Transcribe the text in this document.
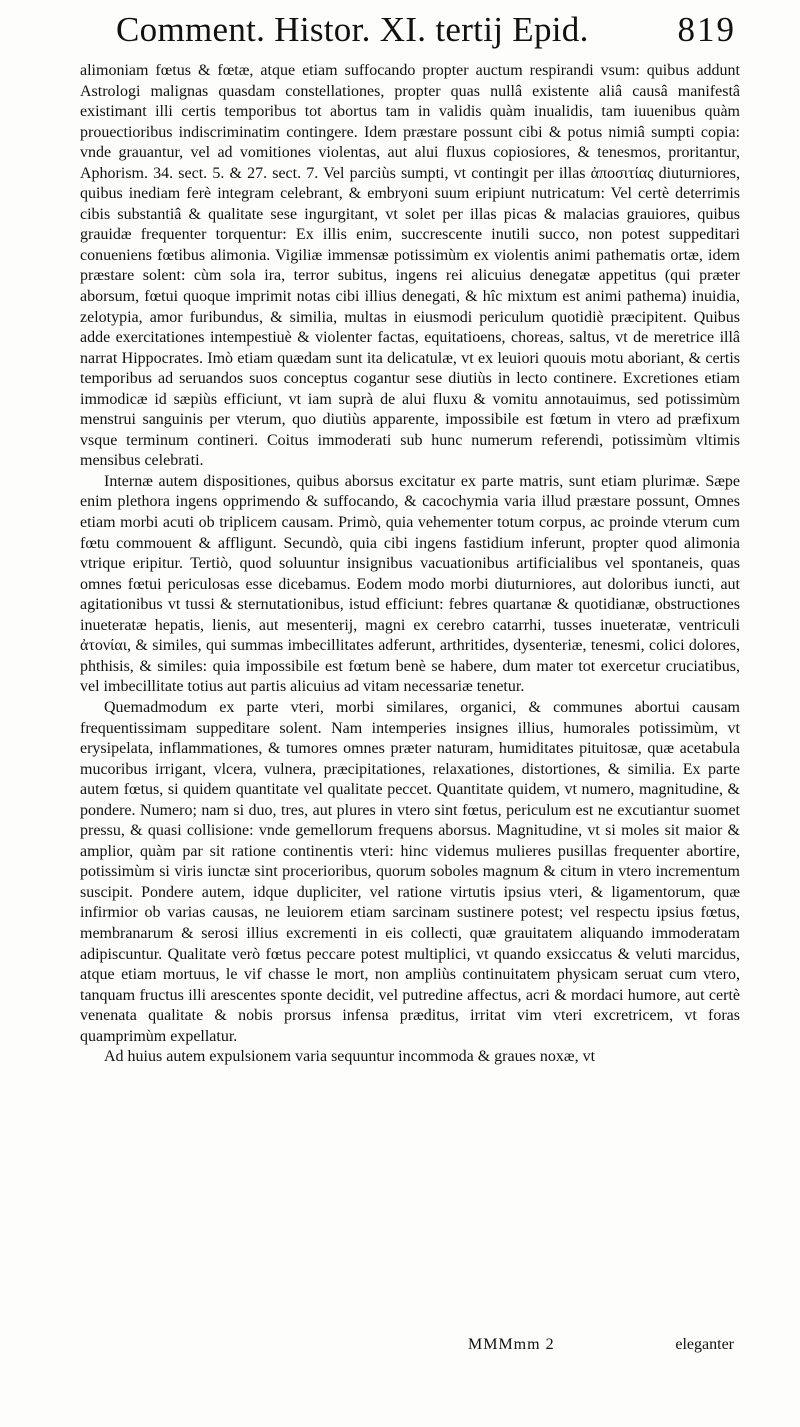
Comment. Histor. XI. tertij Epid.	819

alimoniam fœtus & fœtæ, atque etiam suffocando propter auctum respirandi vsum: quibus addunt Astrologi malignas quasdam constellationes, propter quas nullâ existente aliâ causâ manifestâ existimant illi certis temporibus tot abortus tam in validis quàm inualidis, tam iuuenibus quàm prouectioribus indiscriminatim contingere. Idem præstare possunt cibi & potus nimiâ sumpti copia: vnde grauantur, vel ad vomitiones violentas, aut alui fluxus copiosiores, & tenesmos, proritantur, Aphorism. 34. sect. 5. & 27. sect. 7. Vel parciùs sumpti, vt contingit per illas ἀποσιτίας diuturniores, quibus inediam ferè integram celebrant, & embryoni suum eripiunt nutricatum: Vel certè deterrimis cibis substantiâ & qualitate sese ingurgitant, vt solet per illas picas & malacias grauiores, quibus grauidæ frequenter torquentur: Ex illis enim, succrescente inutili succo, non potest suppeditari conueniens fœtibus alimonia. Vigiliæ immensæ potissimùm ex violentis animi pathematis ortæ, idem præstare solent: cùm sola ira, terror subitus, ingens rei alicuius denegatæ appetitus (qui præter aborsum, fœtui quoque imprimit notas cibi illius denegati, & hîc mixtum est animi pathema) inuidia, zelotypia, amor furibundus, & similia, multas in eiusmodi periculum quotidiè præcipitent. Quibus adde exercitationes intempestiuè & violenter factas, equitatioens, choreas, saltus, vt de meretrice illâ narrat Hippocrates. Imò etiam quædam sunt ita delicatulæ, vt ex leuiori quouis motu aboriant, & certis temporibus ad seruandos suos conceptus cogantur sese diutiùs in lecto continere. Excretiones etiam immodicæ id sæpiùs efficiunt, vt iam suprà de alui fluxu & vomitu annotauimus, sed potissimùm menstrui sanguinis per vterum, quo diutiùs apparente, impossibile est fœtum in vtero ad præfixum vsque terminum contineri. Coitus immoderati sub hunc numerum referendi, potissimùm vltimis mensibus celebrati.

Internæ autem dispositiones, quibus aborsus excitatur ex parte matris, sunt etiam plurimæ. Sæpe enim plethora ingens opprimendo & suffocando, & cacochymia varia illud præstare possunt, Omnes etiam morbi acuti ob triplicem causam. Primò, quia vehementer totum corpus, ac proinde vterum cum fœtu commouent & affligunt. Secundò, quia cibi ingens fastidium inferunt, propter quod alimonia vtrique eripitur. Tertiò, quod soluuntur insignibus vacuationibus artificialibus vel spontaneis, quas omnes fœtui periculosas esse dicebamus. Eodem modo morbi diuturniores, aut doloribus iuncti, aut agitationibus vt tussi & sternutationibus, istud efficiunt: febres quartanæ & quotidianæ, obstructiones inueteratæ hepatis, lienis, aut mesenterij, magni ex cerebro catarrhi, tusses inueteratæ, ventriculi ἀτονίαι, & similes, qui summas imbecillitates adferunt, arthritides, dysenteriæ, tenesmi, colici dolores, phthisis, & similes: quia impossibile est fœtum benè se habere, dum mater tot exercetur cruciatibus, vel imbecillitate totius aut partis alicuius ad vitam necessariæ tenetur.

Quemadmodum ex parte vteri, morbi similares, organici, & communes abortui causam frequentissimam suppeditare solent. Nam intemperies insignes illius, humorales potissimùm, vt erysipelata, inflammationes, & tumores omnes præter naturam, humiditates pituitosæ, quæ acetabula mucoribus irrigant, vlcera, vulnera, præcipitationes, relaxationes, distortiones, & similia. Ex parte autem fœtus, si quidem quantitate vel qualitate peccet. Quantitate quidem, vt numero, magnitudine, & pondere. Numero; nam si duo, tres, aut plures in vtero sint fœtus, periculum est ne excutiantur suomet pressu, & quasi collisione: vnde gemellorum frequens aborsus. Magnitudine, vt si moles sit maior & amplior, quàm par sit ratione continentis vteri: hinc videmus mulieres pusillas frequenter abortire, potissimùm si viris iunctæ sint procerioribus, quorum soboles magnum & citum in vtero incrementum suscipit. Pondere autem, idque dupliciter, vel ratione virtutis ipsius vteri, & ligamentorum, quæ infirmior ob varias causas, ne leuiorem etiam sarcinam sustinere potest; vel respectu ipsius fœtus, membranarum & serosi illius excrementi in eis collecti, quæ grauitatem aliquando immoderatam adipiscuntur. Qualitate verò fœtus peccare potest multiplici, vt quando exsiccatus & veluti marcidus, atque etiam mortuus, le vif chasse le mort, non ampliùs continuitatem physicam seruat cum vtero, tanquam fructus illi arescentes sponte decidit, vel putredine affectus, acri & mordaci humore, aut certè venenata qualitate & nobis prorsus infensa præditus, irritat vim vteri excretricem, vt foras quamprimùm expellatur.

Ad huius autem expulsionem varia sequuntur incommoda & graues noxæ, vt

MMMmm 2	eleganter
